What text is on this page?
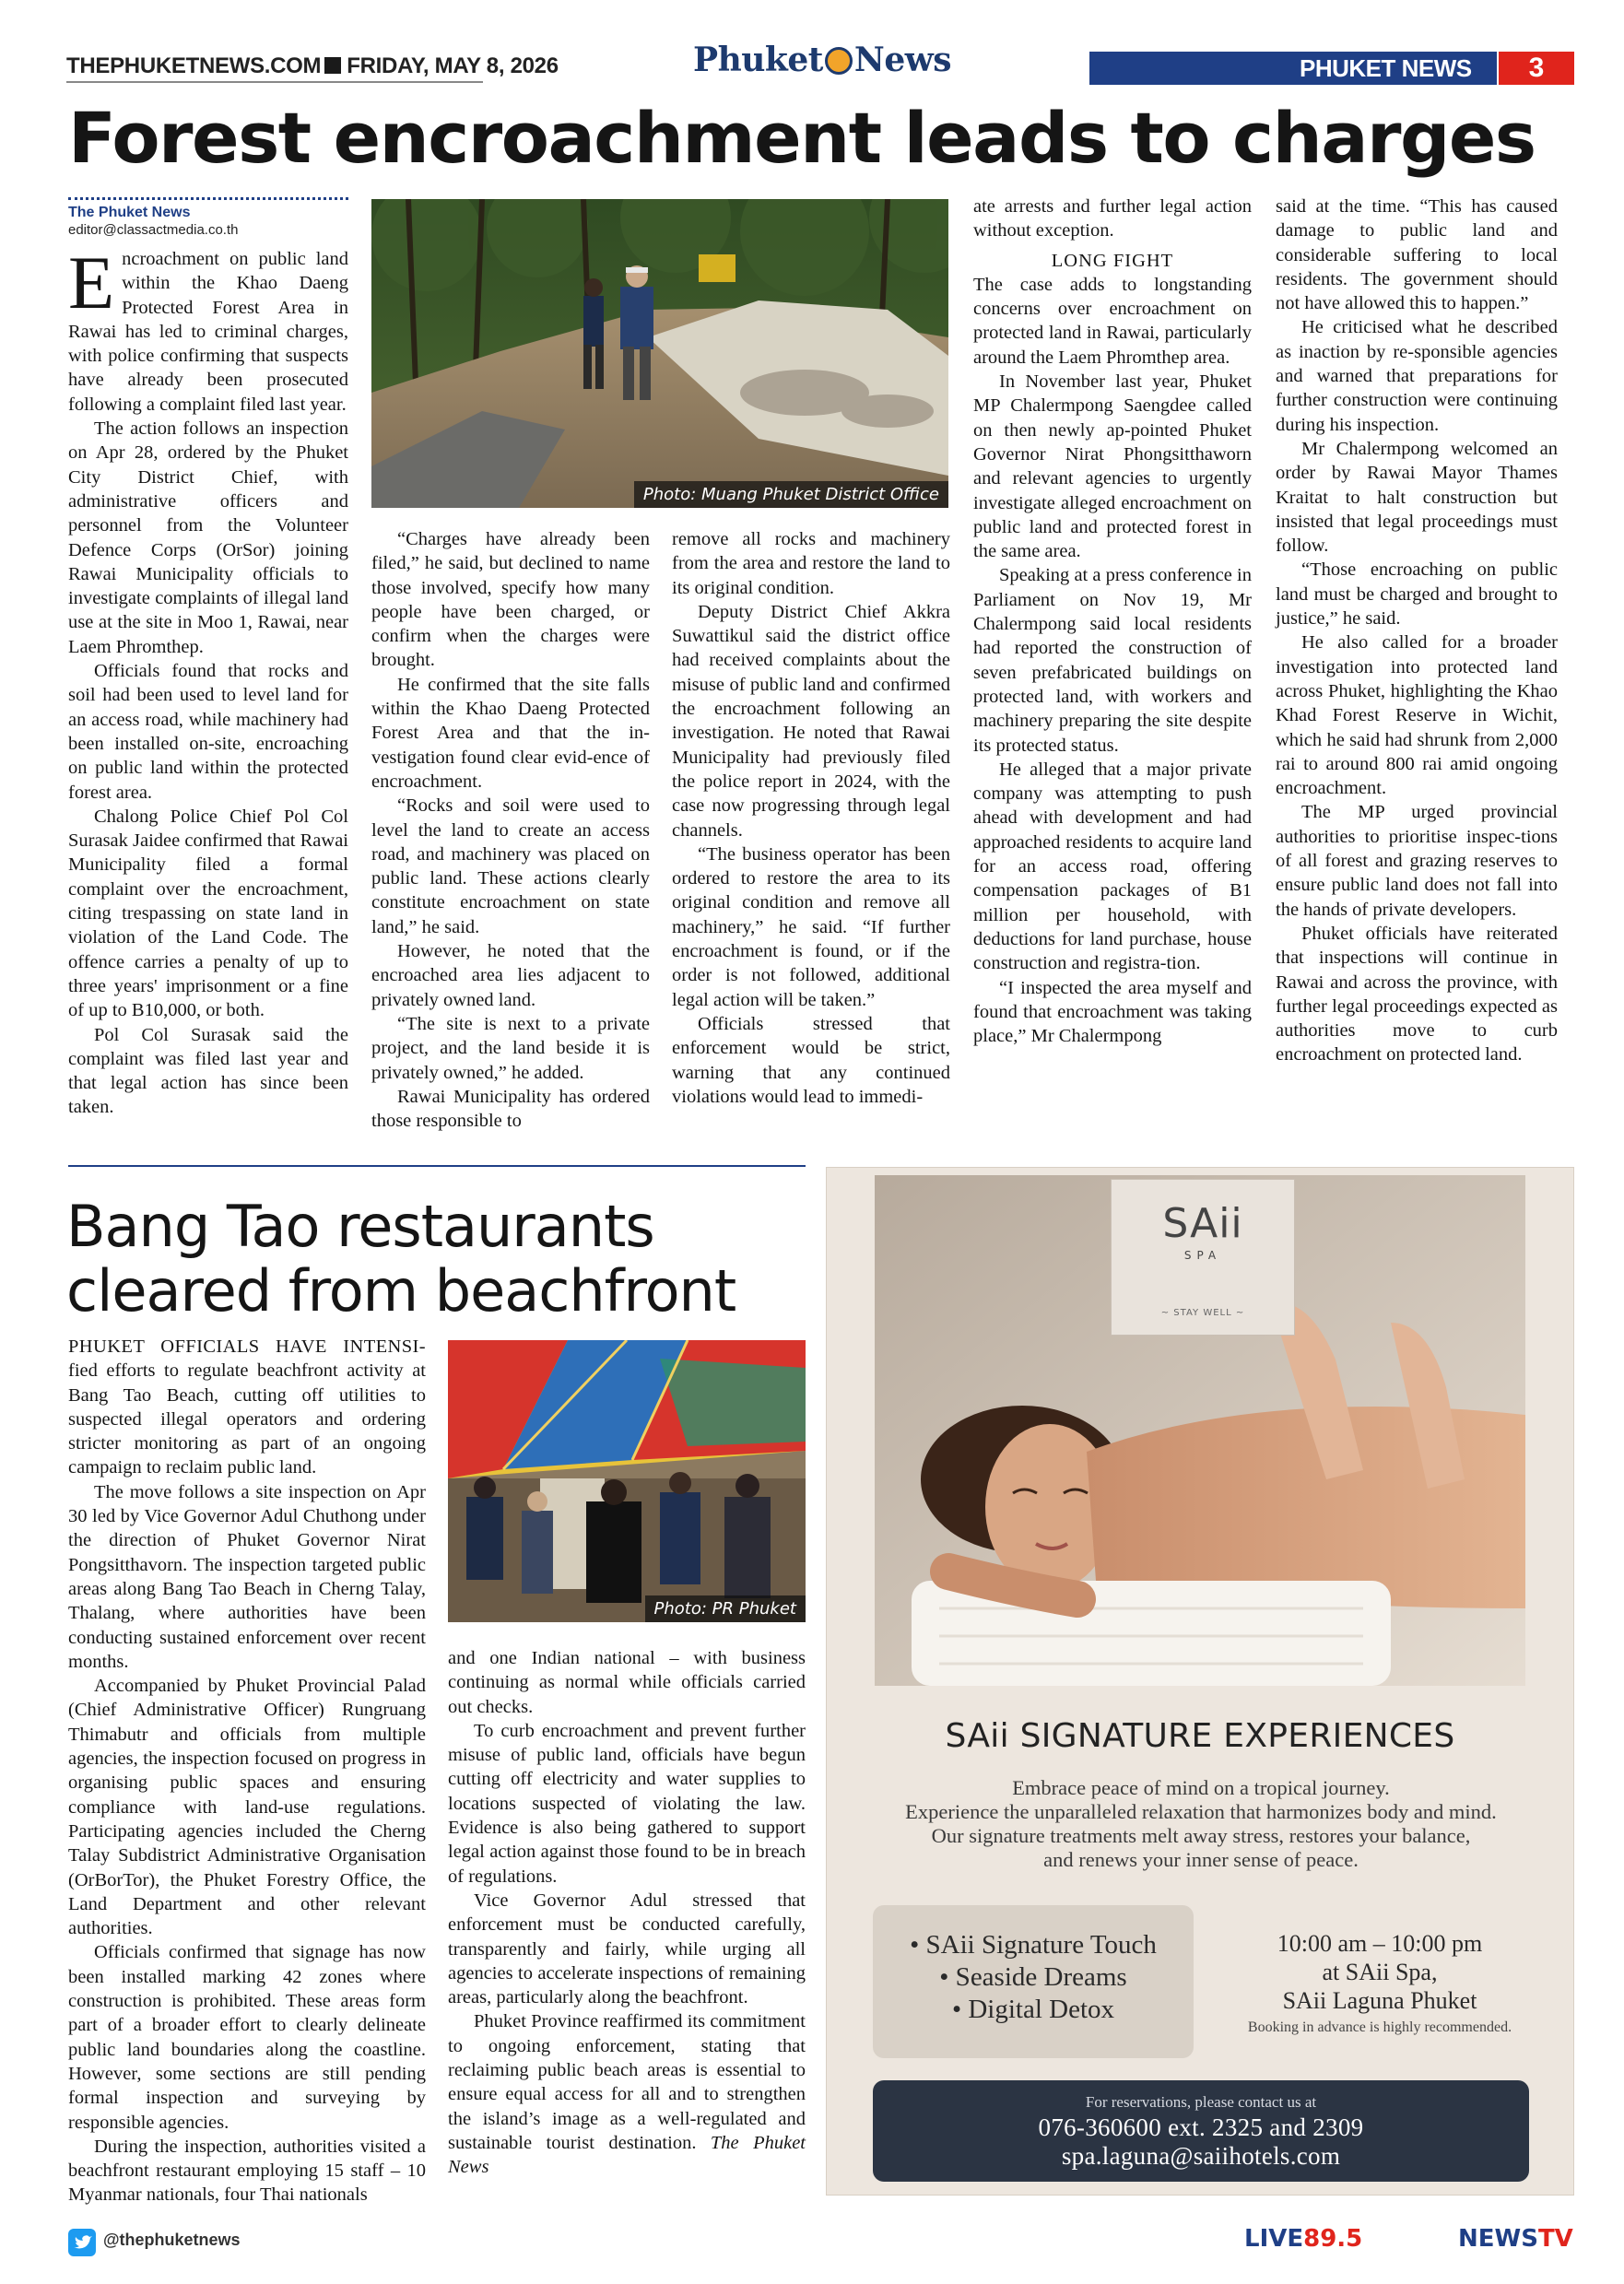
THEPHUKETNEWS.COM FRIDAY, MAY 8, 2026	Phuket News	PHUKET NEWS	3
Forest encroachment leads to charges
The Phuket News
editor@classactmedia.co.th

Encroachment on public land within the Khao Daeng Protected Forest Area in Rawai has led to criminal charges, with police confirming that suspects have already been prosecuted following a complaint filed last year.

The action follows an inspection on Apr 28, ordered by the Phuket City District Chief, with administrative officers and personnel from the Volunteer Defence Corps (OrSor) joining Rawai Municipality officials to investigate complaints of illegal land use at the site in Moo 1, Rawai, near Laem Phromthep.

Officials found that rocks and soil had been used to level land for an access road, while machinery had been installed on-site, encroaching on public land within the protected forest area.

Chalong Police Chief Pol Col Surasak Jaidee confirmed that Rawai Municipality filed a formal complaint over the encroachment, citing trespassing on state land in violation of the Land Code. The offence carries a penalty of up to three years' imprisonment or a fine of up to B10,000, or both.

Pol Col Surasak said the complaint was filed last year and that legal action has since been taken.

Photo: Muang Phuket District Office

“Charges have already been filed,” he said, but declined to name those involved, specify how many people have been charged, or confirm when the charges were brought.

He confirmed that the site falls within the Khao Daeng Protected Forest Area and that the in-vestigation found clear evid-ence of encroachment.

“Rocks and soil were used to level the land to create an access road, and machinery was placed on public land. These actions clearly constitute encroachment on state land,” he said.

However, he noted that the encroached area lies adjacent to privately owned land.

“The site is next to a private project, and the land beside it is privately owned,” he added.

Rawai Municipality has ordered those responsible to

remove all rocks and machinery from the area and restore the land to its original condition.

Deputy District Chief Akkra Suwattikul said the district office had received complaints about the misuse of public land and confirmed the encroachment following an investigation. He noted that Rawai Municipality had previously filed the police report in 2024, with the case now progressing through legal channels.

“The business operator has been ordered to restore the area to its original condition and remove all machinery,” he said. “If further encroachment is found, or if the order is not followed, additional legal action will be taken.”

Officials stressed that enforcement would be strict, warning that any continued violations would lead to immedi-

ate arrests and further legal action without exception.

LONG FIGHT

The case adds to longstanding concerns over encroachment on protected land in Rawai, particularly around the Laem Phromthep area.

In November last year, Phuket MP Chalermpong Saengdee called on then newly ap-pointed Phuket Governor Nirat Phongsitthaworn and relevant agencies to urgently investigate alleged encroachment on public land and protected forest in the same area.

Speaking at a press conference in Parliament on Nov 19, Mr Chalermpong said local residents had reported the construction of seven prefabricated buildings on protected land, with workers and machinery preparing the site despite its protected status.

He alleged that a major private company was attempting to push ahead with development and had approached residents to acquire land for an access road, offering compensation packages of B1 million per household, with deductions for land purchase, house construction and registra-tion.

“I inspected the area myself and found that encroachment was taking place,” Mr Chalermpong

said at the time. “This has caused damage to public land and considerable suffering to local residents. The government should not have allowed this to happen.”

He criticised what he described as inaction by re-sponsible agencies and warned that preparations for further construction were continuing during his inspection.

Mr Chalermpong welcomed an order by Rawai Mayor Thames Kraitat to halt construction but insisted that legal proceedings must follow.

“Those encroaching on public land must be charged and brought to justice,” he said.

He also called for a broader investigation into protected land across Phuket, highlighting the Khao Khad Forest Reserve in Wichit, which he said had shrunk from 2,000 rai to around 800 rai amid ongoing encroachment.

The MP urged provincial authorities to prioritise inspec-tions of all forest and grazing reserves to ensure public land does not fall into the hands of private developers.

Phuket officials have reiterated that inspections will continue in Rawai and across the province, with further legal proceedings expected as authorities move to curb encroachment on protected land.

Bang Tao restaurants
cleared from beachfront

PHUKET OFFICIALS HAVE INTENSI- fied efforts to regulate beachfront activity at Bang Tao Beach, cutting off utilities to suspected illegal operators and ordering stricter monitoring as part of an ongoing campaign to reclaim public land.

The move follows a site inspection on Apr 30 led by Vice Governor Adul Chuthong under the direction of Phuket Governor Nirat Pongsitthavorn. The inspection targeted public areas along Bang Tao Beach in Cherng Talay, Thalang, where authorities have been conducting sustained enforcement over recent months.

Accompanied by Phuket Provincial Palad (Chief Administrative Officer) Rungruang Thimabutr and officials from multiple agencies, the inspection focused on progress in organising public spaces and ensuring compliance with land-use regulations. Participating agencies included the Cherng Talay Subdistrict Administrative Organisation (OrBorTor), the Phuket Forestry Office, the Land Department and other relevant authorities.

Officials confirmed that signage has now been installed marking 42 zones where construction is prohibited. These areas form part of a broader effort to clearly delineate public land boundaries along the coastline. However, some sections are still pending formal inspection and surveying by responsible agencies.

During the inspection, authorities visited a beachfront restaurant employing 15 staff – 10 Myanmar nationals, four Thai nationals

Photo: PR Phuket

and one Indian national – with business continuing as normal while officials carried out checks.

To curb encroachment and prevent further misuse of public land, officials have begun cutting off electricity and water supplies to locations suspected of violating the law. Evidence is also being gathered to support legal action against those found to be in breach of regulations.

Vice Governor Adul stressed that enforcement must be conducted carefully, transparently and fairly, while urging all agencies to accelerate inspections of remaining areas, particularly along the beachfront.

Phuket Province reaffirmed its commitment to ongoing enforcement, stating that reclaiming public beach areas is essential to ensure equal access for all and to strengthen the island’s image as a well-regulated and sustainable tourist destination. The Phuket News

SAii
SPA
~ STAY WELL ~
SAii SIGNATURE EXPERIENCES
Embrace peace of mind on a tropical journey.
Experience the unparalleled relaxation that harmonizes body and mind.
Our signature treatments melt away stress, restores your balance,
and renews your inner sense of peace.
• SAii Signature Touch
• Seaside Dreams
• Digital Detox
10:00 am – 10:00 pm
at SAii Spa,
SAii Laguna Phuket
Booking in advance is highly recommended.
For reservations, please contact us at
076-360600 ext. 2325 and 2309
spa.laguna@saiihotels.com
@thephuketnews	LIVE89.5	NEWSTV
